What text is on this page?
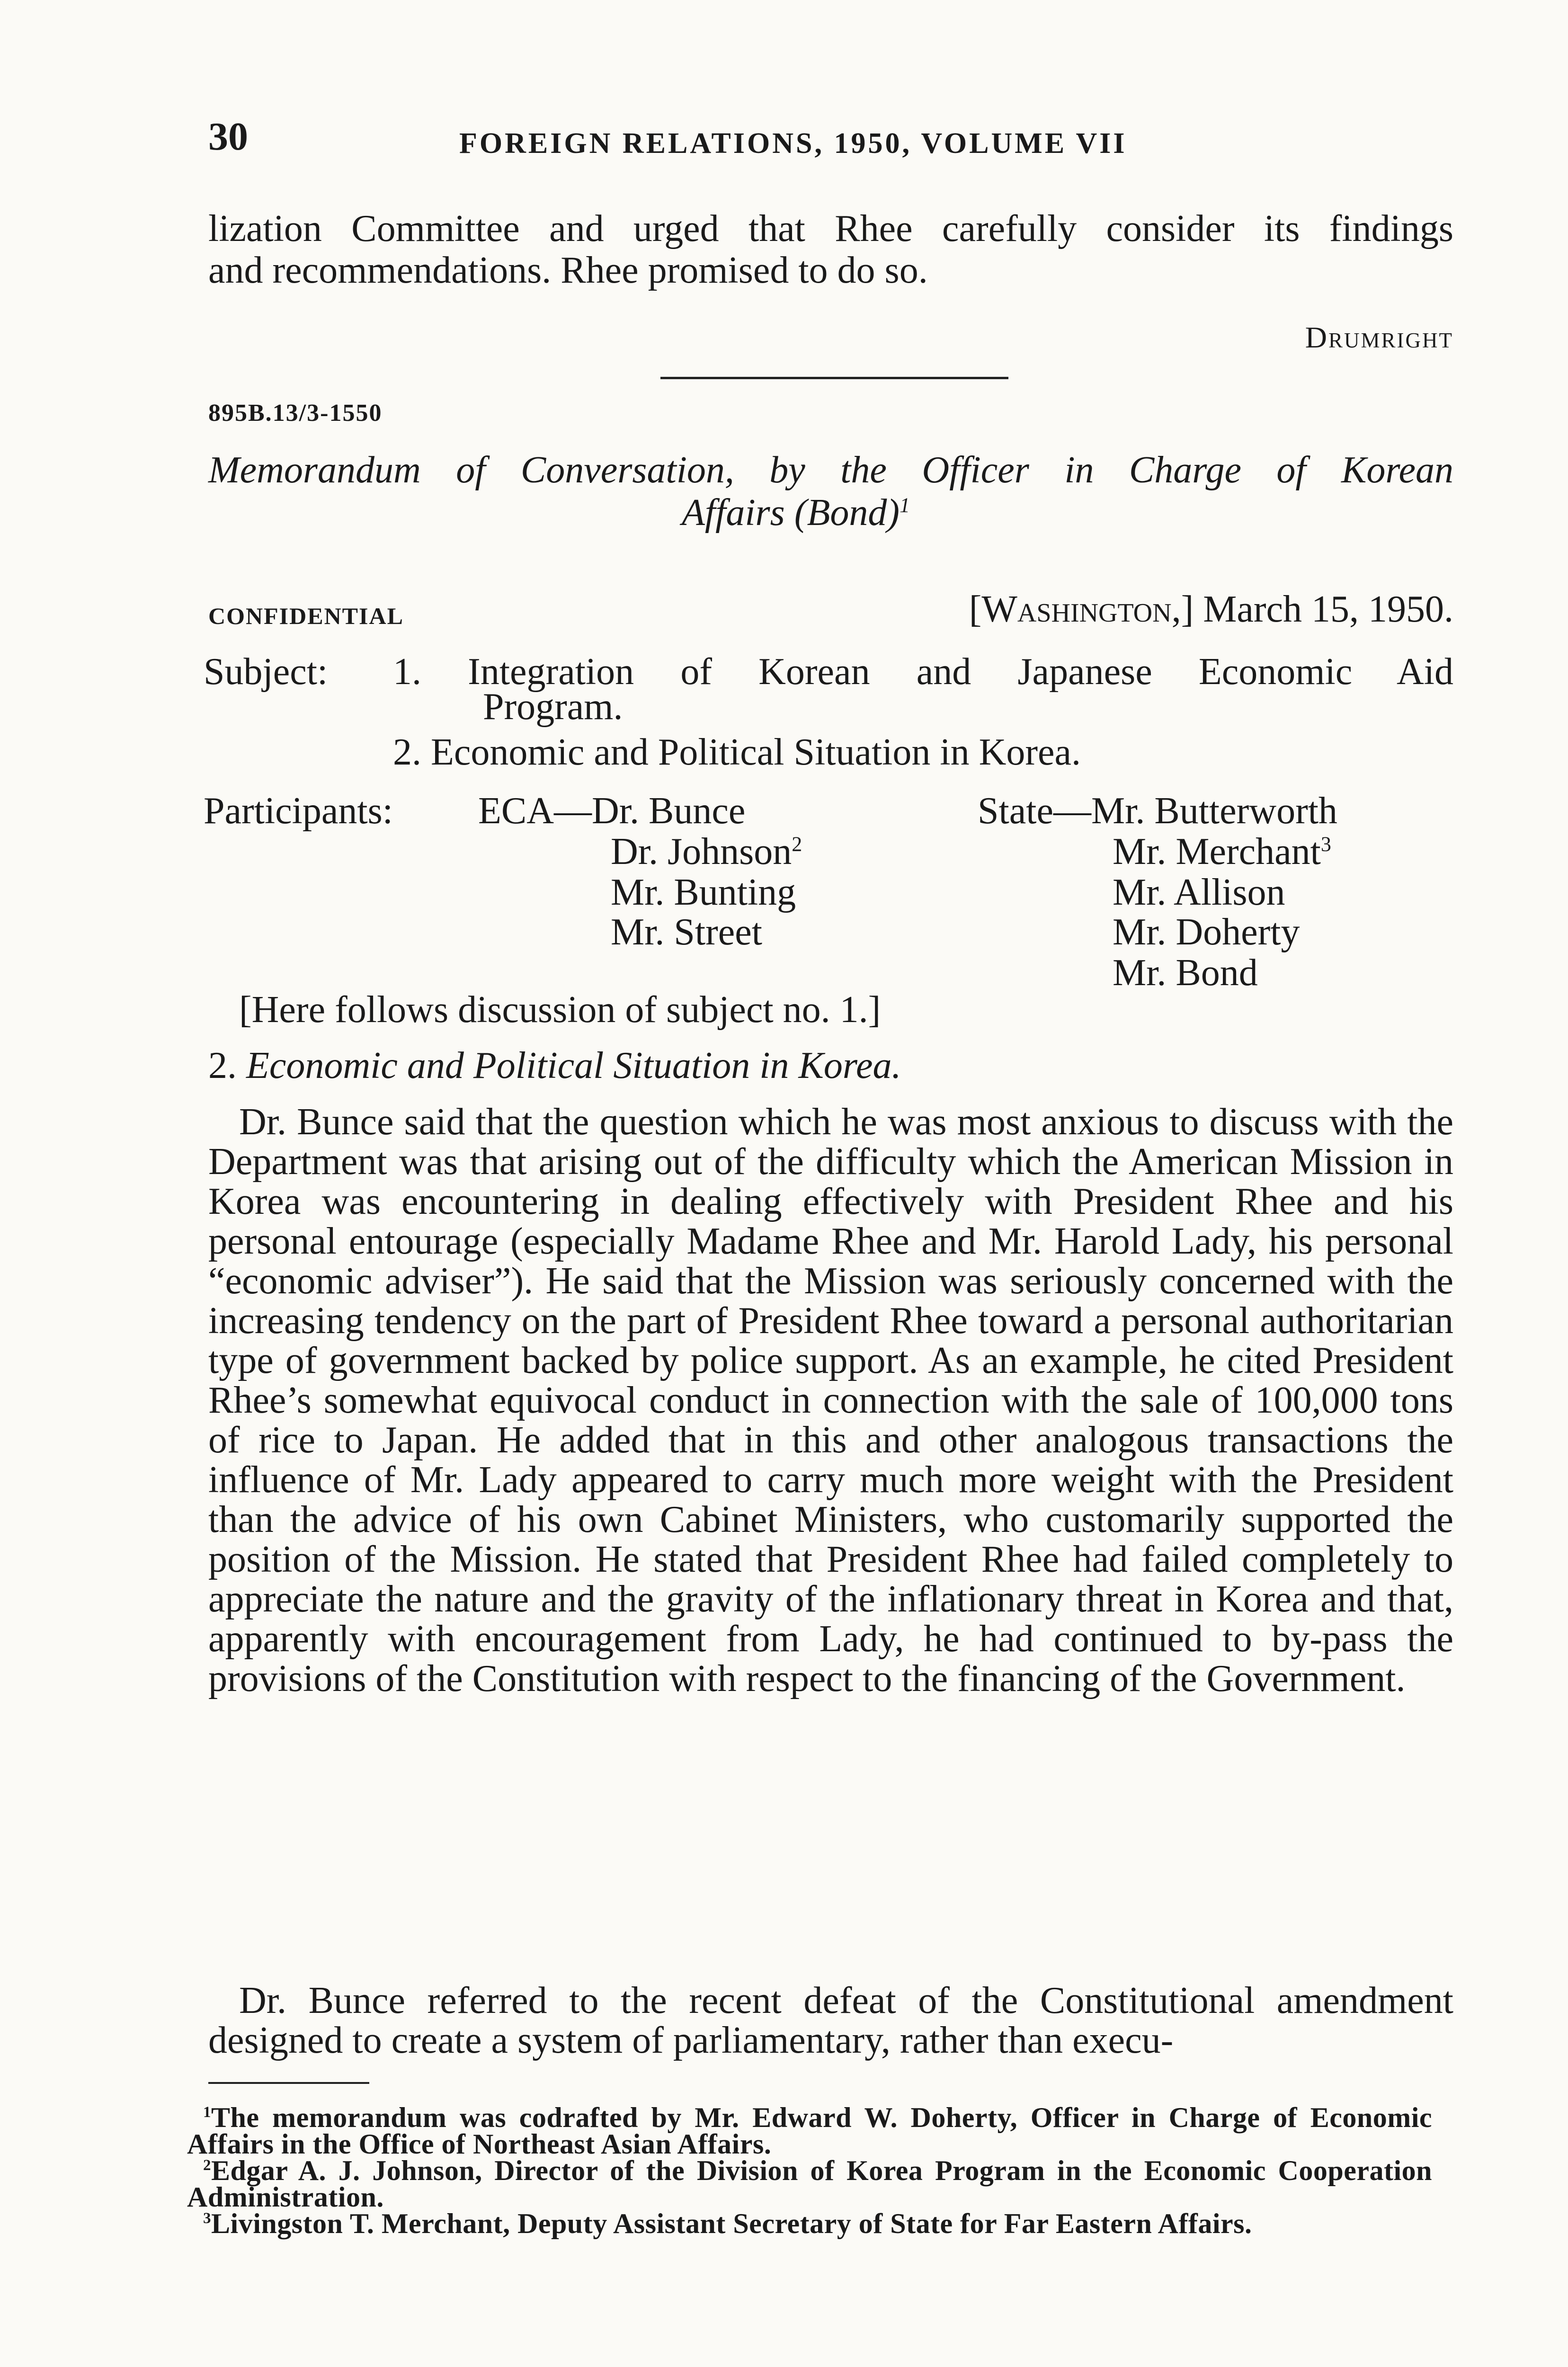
30	FOREIGN RELATIONS, 1950, VOLUME VII
lization Committee and urged that Rhee carefully consider its findings
and recommendations. Rhee promised to do so.
Drumright
895B.13/3-1550
Memorandum of Conversation, by the Officer in Charge of Korean
Affairs (Bond)$^1$
CONFIDENTIAL	[Washington,] March 15, 1950.
Subject: 1. Integration of Korean and Japanese Economic Aid
Program.
2. Economic and Political Situation in Korea.
Participants: ECA—Dr. Bunce
Dr. Johnson$^2$
Mr. Bunting
Mr. Street
State—Mr. Butterworth
Mr. Merchant$^3$
Mr. Allison
Mr. Doherty
Mr. Bond
[Here follows discussion of subject no. 1.]
2. Economic and Political Situation in Korea.
Dr. Bunce said that the question which he was most anxious to discuss with the Department was that arising out of the difficulty which the American Mission in Korea was encountering in dealing effectively with President Rhee and his personal entourage (especially Madame Rhee and Mr. Harold Lady, his personal “economic adviser”). He said that the Mission was seriously concerned with the increasing tendency on the part of President Rhee toward a personal authoritarian type of government backed by police support. As an example, he cited President Rhee’s somewhat equivocal conduct in connection with the sale of 100,000 tons of rice to Japan. He added that in this and other analogous transactions the influence of Mr. Lady appeared to carry much more weight with the President than the advice of his own Cabinet Ministers, who customarily supported the position of the Mission. He stated that President Rhee had failed completely to appreciate the nature and the gravity of the inflationary threat in Korea and that, apparently with encouragement from Lady, he had continued to by-pass the provisions of the Constitution with respect to the financing of the Government.
Dr. Bunce referred to the recent defeat of the Constitutional amendment designed to create a system of parliamentary, rather than execu-
$^1$The memorandum was codrafted by Mr. Edward W. Doherty, Officer in Charge of Economic Affairs in the Office of Northeast Asian Affairs.
$^2$Edgar A. J. Johnson, Director of the Division of Korea Program in the Economic Cooperation Administration.
$^3$Livingston T. Merchant, Deputy Assistant Secretary of State for Far Eastern Affairs.
